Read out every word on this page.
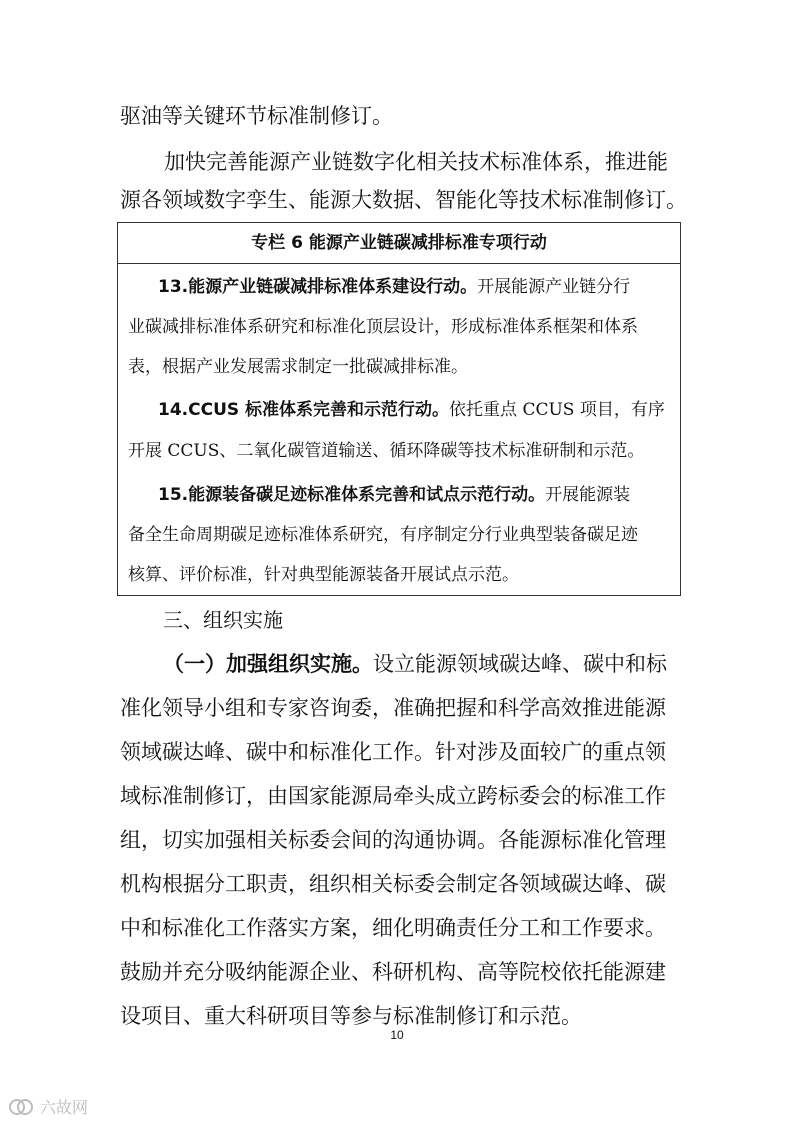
驱油等关键环节标准制修订。
加快完善能源产业链数字化相关技术标准体系，推进能
源各领域数字孪生、能源大数据、智能化等技术标准制修订。
专栏 6 能源产业链碳减排标准专项行动
13.能源产业链碳减排标准体系建设行动。开展能源产业链分行
业碳减排标准体系研究和标准化顶层设计，形成标准体系框架和体系
表，根据产业发展需求制定一批碳减排标准。
14.CCUS 标准体系完善和示范行动。依托重点 CCUS 项目，有序
开展 CCUS、二氧化碳管道输送、循环降碳等技术标准研制和示范。
15.能源装备碳足迹标准体系完善和试点示范行动。开展能源装
备全生命周期碳足迹标准体系研究，有序制定分行业典型装备碳足迹
核算、评价标准，针对典型能源装备开展试点示范。
三、组织实施
（一）加强组织实施。设立能源领域碳达峰、碳中和标
准化领导小组和专家咨询委，准确把握和科学高效推进能源
领域碳达峰、碳中和标准化工作。针对涉及面较广的重点领
域标准制修订，由国家能源局牵头成立跨标委会的标准工作
组，切实加强相关标委会间的沟通协调。各能源标准化管理
机构根据分工职责，组织相关标委会制定各领域碳达峰、碳
中和标准化工作落实方案，细化明确责任分工和工作要求。
鼓励并充分吸纳能源企业、科研机构、高等院校依托能源建
设项目、重大科研项目等参与标准制修订和示范。
10
六故网
